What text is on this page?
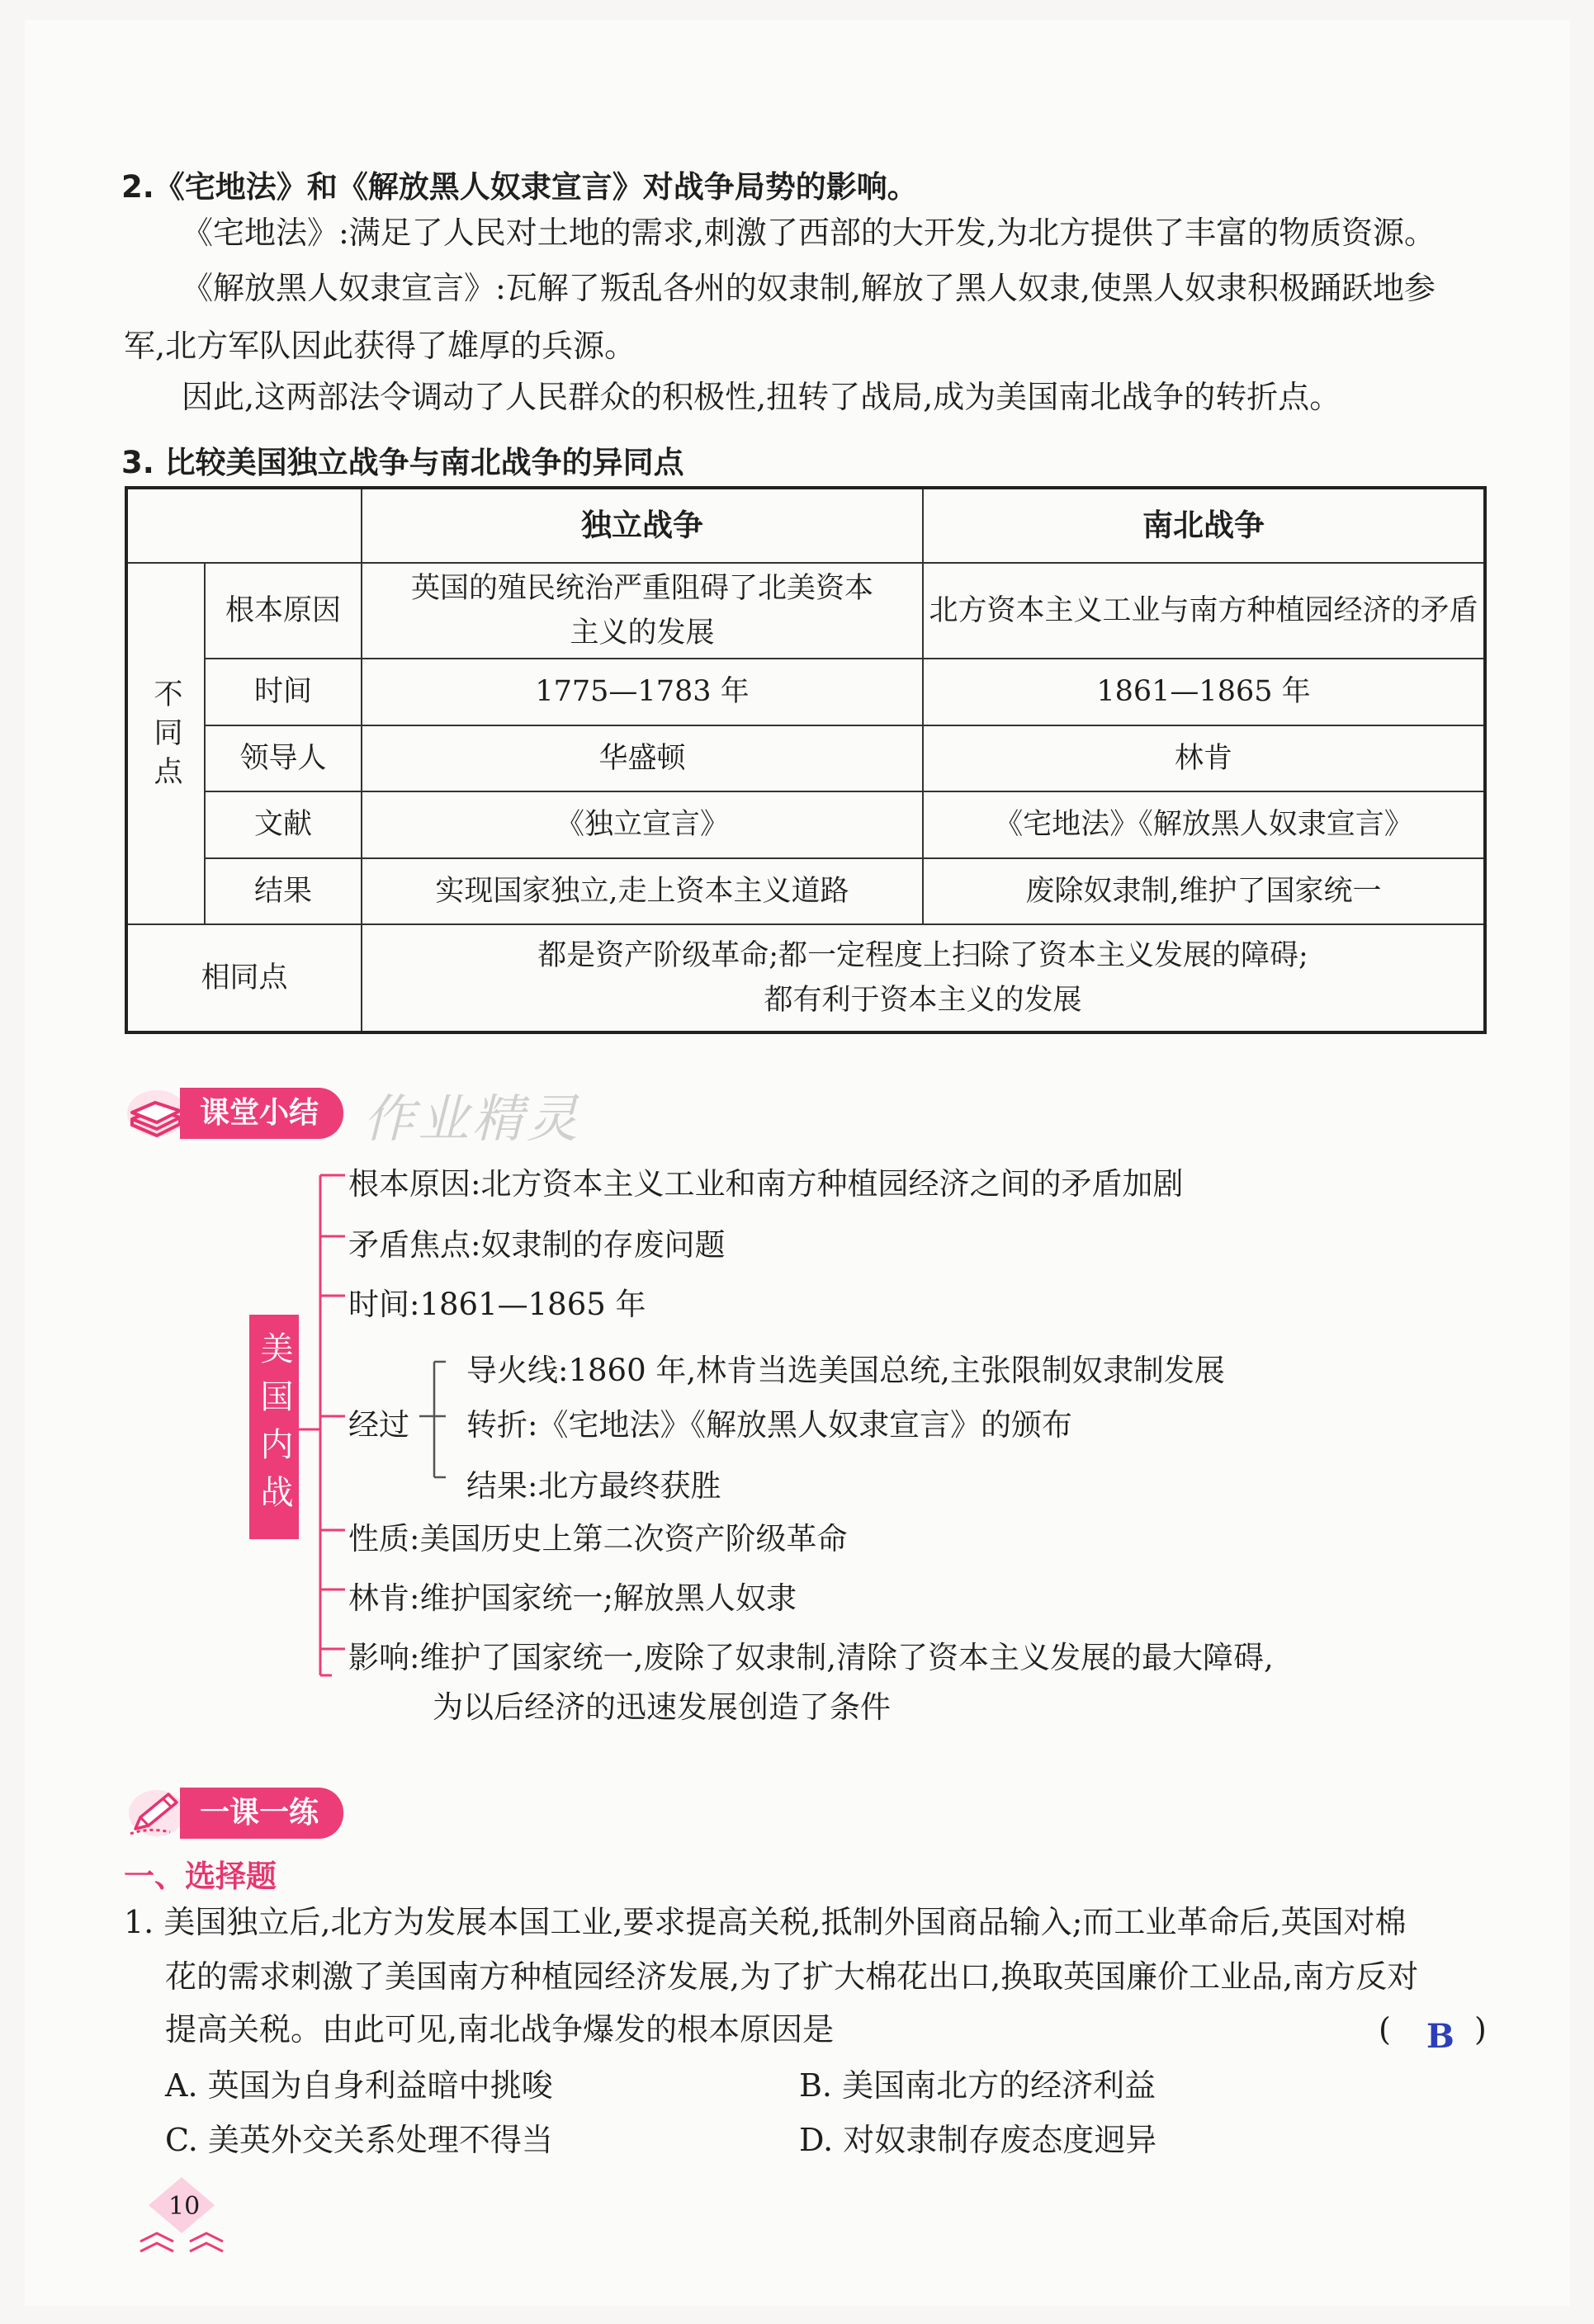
2.《宅地法》和《解放黑人奴隶宣言》对战争局势的影响。
《宅地法》:满足了人民对土地的需求,刺激了西部的大开发,为北方提供了丰富的物质资源。
《解放黑人奴隶宣言》:瓦解了叛乱各州的奴隶制,解放了黑人奴隶,使黑人奴隶积极踊跃地参
军,北方军队因此获得了雄厚的兵源。
因此,这两部法令调动了人民群众的积极性,扭转了战局,成为美国南北战争的转折点。
3. 比较美国独立战争与南北战争的异同点
		独立战争	南北战争
不同点	根本原因	英国的殖民统治严重阻碍了北美资本主义的发展	北方资本主义工业与南方种植园经济的矛盾
	时间	1775—1783 年	1861—1865 年
	领导人	华盛顿	林肯
	文献	《独立宣言》	《宅地法》《解放黑人奴隶宣言》
	结果	实现国家独立,走上资本主义道路	废除奴隶制,维护了国家统一
相同点		都是资产阶级革命;都一定程度上扫除了资本主义发展的障碍;
都有利于资本主义的发展	
课堂小结 作业精灵
美国内战
根本原因:北方资本主义工业和南方种植园经济之间的矛盾加剧
矛盾焦点:奴隶制的存废问题
时间:1861—1865 年
经过
导火线:1860 年,林肯当选美国总统,主张限制奴隶制发展
转折:《宅地法》《解放黑人奴隶宣言》的颁布
结果:北方最终获胜
性质:美国历史上第二次资产阶级革命
林肯:维护国家统一;解放黑人奴隶
影响:维护了国家统一,废除了奴隶制,清除了资本主义发展的最大障碍,
为以后经济的迅速发展创造了条件
一课一练
一、选择题
1. 美国独立后,北方为发展本国工业,要求提高关税,抵制外国商品输入;而工业革命后,英国对棉
花的需求刺激了美国南方种植园经济发展,为了扩大棉花出口,换取英国廉价工业品,南方反对
提高关税。由此可见,南北战争爆发的根本原因是	( B )
A. 英国为自身利益暗中挑唆	B. 美国南北方的经济利益
C. 美英外交关系处理不得当	D. 对奴隶制存废态度迥异
10
